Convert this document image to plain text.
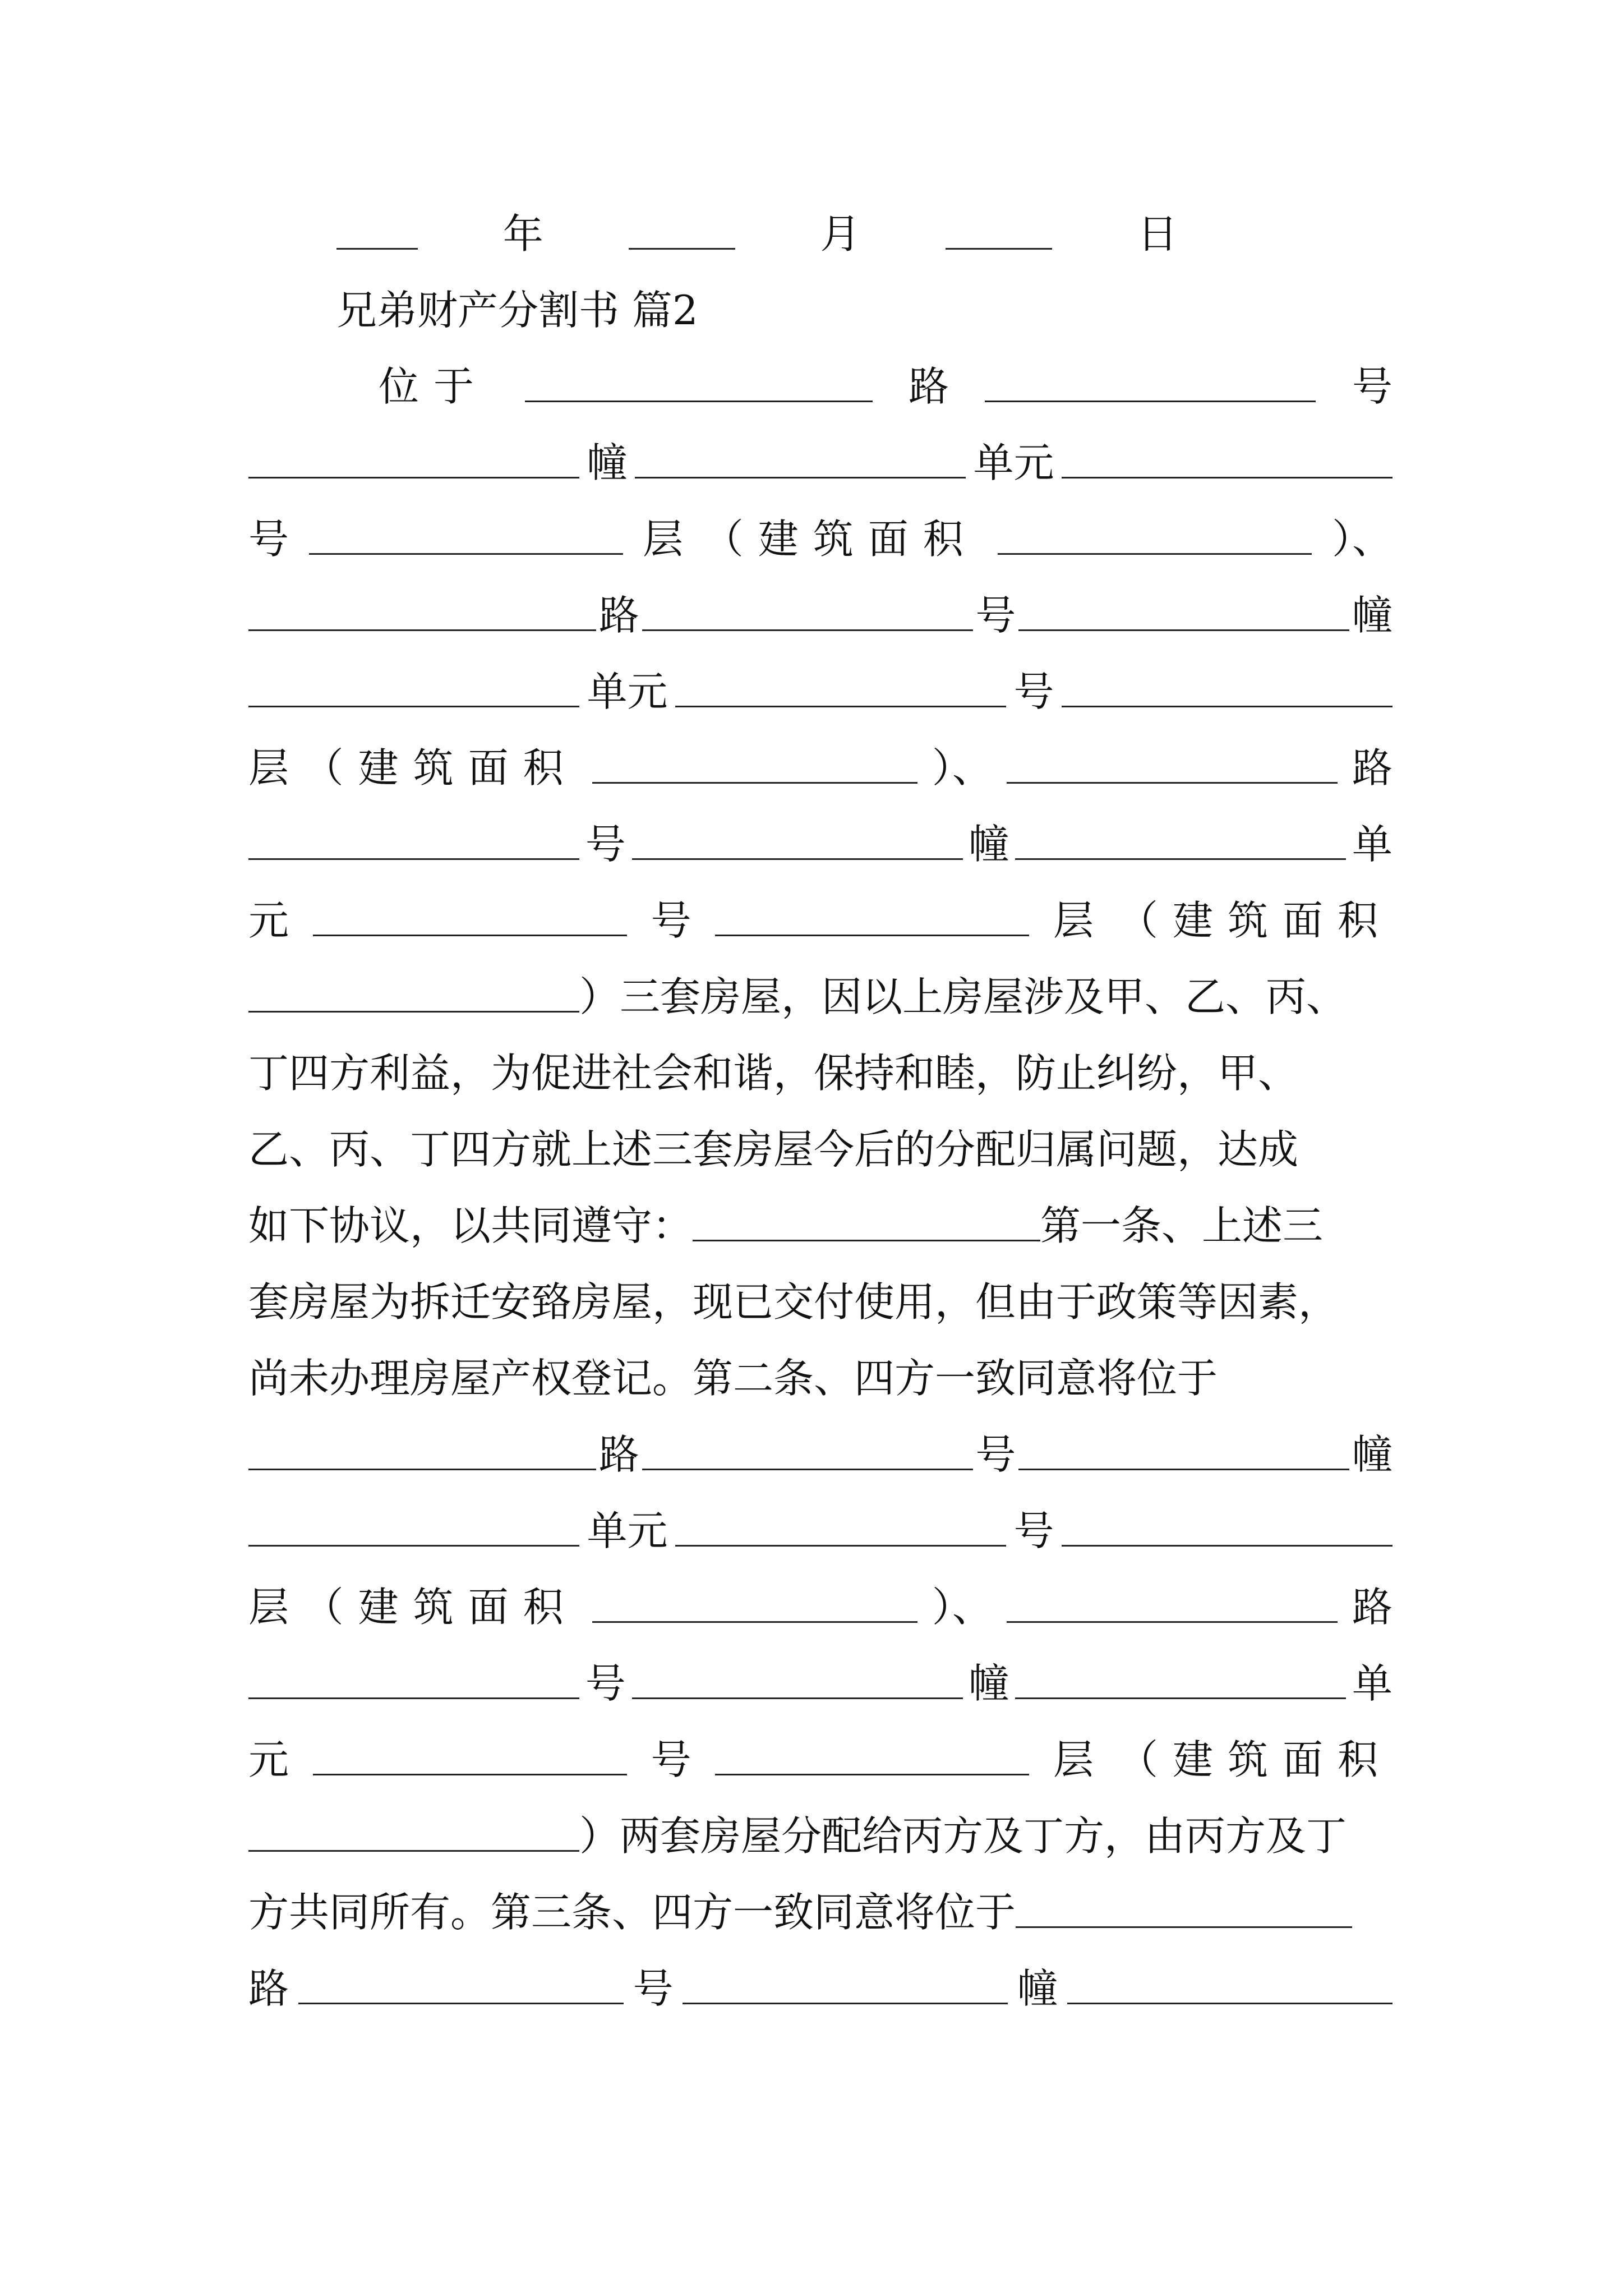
年	月	日
兄弟财产分割书 篇2
位于	路	号
幢	单元
号	层 （建筑面积	）、
路	号	幢
单元	号
层 （建筑面积	）、	路
号	幢	单
元	号	层 （建筑面积
） 三套房屋，因以上房屋涉及甲、乙、丙、
丁四方利益，为促进社会和谐，保持和睦，防止纠纷，甲、
乙、丙、丁四方就上述三套房屋今后的分配归属问题，达成
如下协议，以共同遵守：	第一条、上述三
套房屋为拆迁安臵房屋，现已交付使用，但由于政策等因素，
尚未办理房屋产权登记。第二条、四方一致同意将位于
路	号	幢
单元	号
层 （建筑面积	）、	路
号	幢	单
元	号	层 （建筑面积
） 两套房屋分配给丙方及丁方，由丙方及丁
方共同所有。第三条、四方一致同意将位于
路	号	幢
